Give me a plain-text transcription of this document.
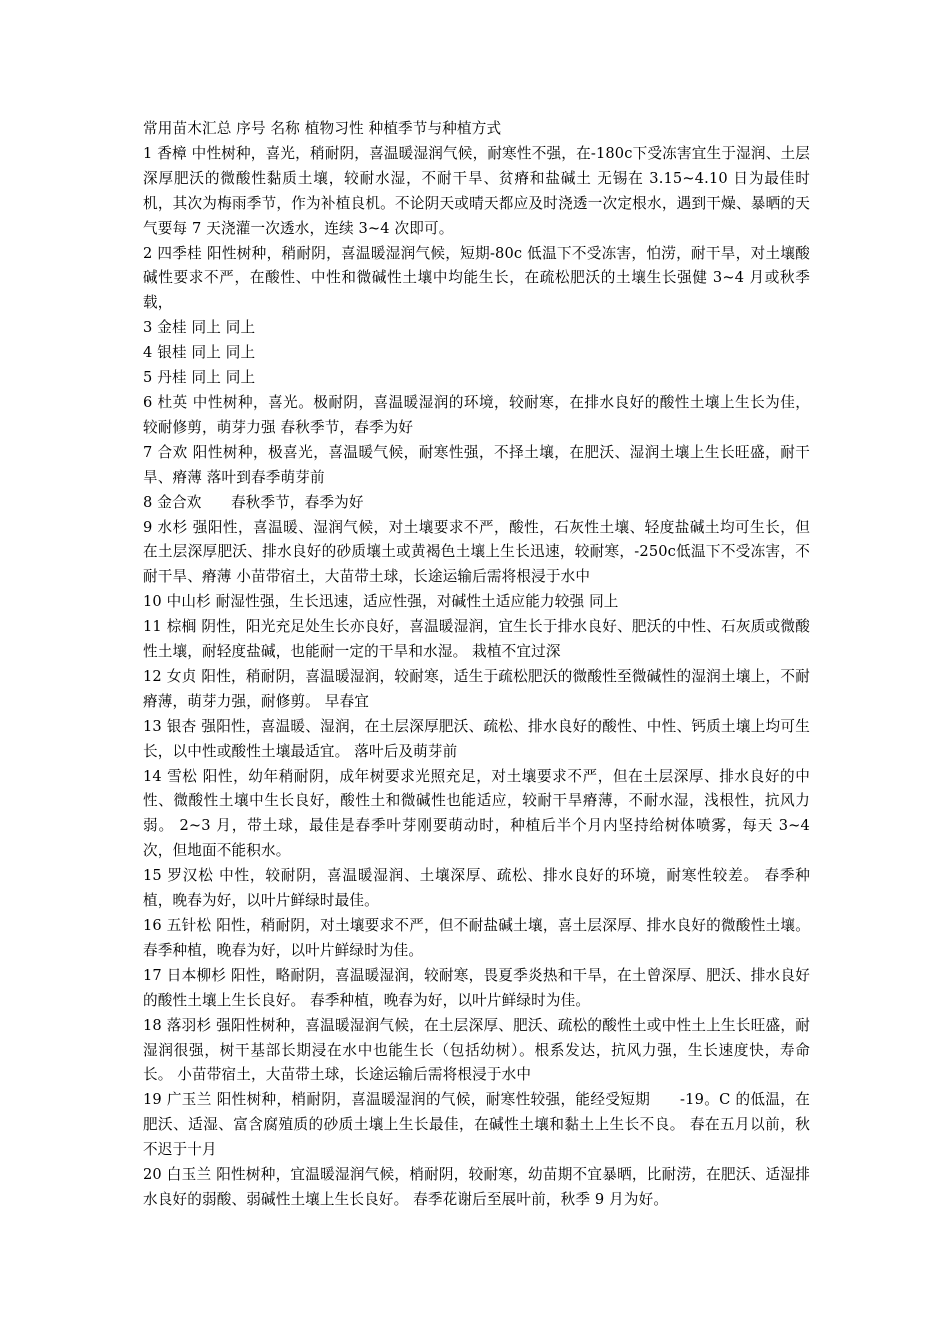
常用苗木汇总 序号 名称 植物习性 种植季节与种植方式

1 香樟 中性树种，喜光，稍耐阴，喜温暖湿润气候，耐寒性不强，在-180c下受冻害宜生于湿润、土层深厚肥沃的微酸性黏质土壤，较耐水湿，不耐干旱、贫瘠和盐碱土 无锡在 3.15~4.10 日为最佳时机，其次为梅雨季节，作为补植良机。不论阴天或晴天都应及时浇透一次定根水，遇到干燥、暴晒的天气要每 7 天浇灌一次透水，连续 3~4 次即可。

2 四季桂 阳性树种，稍耐阴，喜温暖湿润气候，短期-80c 低温下不受冻害，怕涝，耐干旱，对土壤酸碱性要求不严，在酸性、中性和微碱性土壤中均能生长，在疏松肥沃的土壤生长强健 3~4 月或秋季载，

3 金桂 同上 同上

4 银桂 同上 同上

5 丹桂 同上 同上

6 杜英 中性树种，喜光。极耐阴，喜温暖湿润的环境，较耐寒，在排水良好的酸性土壤上生长为佳，较耐修剪，萌芽力强 春秋季节，春季为好

7 合欢 阳性树种，极喜光，喜温暖气候，耐寒性强，不择土壤，在肥沃、湿润土壤上生长旺盛，耐干旱、瘠薄 落叶到春季萌芽前

8 金合欢　　春秋季节，春季为好

9 水杉 强阳性，喜温暖、湿润气候，对土壤要求不严，酸性，石灰性土壤、轻度盐碱土均可生长，但在土层深厚肥沃、排水良好的砂质壤土或黄褐色土壤上生长迅速，较耐寒，-250c低温下不受冻害，不耐干旱、瘠薄 小苗带宿土，大苗带土球，长途运输后需将根浸于水中

10 中山杉 耐湿性强，生长迅速，适应性强，对碱性土适应能力较强 同上

11 棕榈 阴性，阳光充足处生长亦良好，喜温暖湿润，宜生长于排水良好、肥沃的中性、石灰质或微酸性土壤，耐轻度盐碱，也能耐一定的干旱和水湿。 栽植不宜过深

12 女贞 阳性，稍耐阴，喜温暖湿润，较耐寒，适生于疏松肥沃的微酸性至微碱性的湿润土壤上，不耐瘠薄，萌芽力强，耐修剪。 早春宜

13 银杏 强阳性，喜温暖、湿润，在土层深厚肥沃、疏松、排水良好的酸性、中性、钙质土壤上均可生长，以中性或酸性土壤最适宜。 落叶后及萌芽前

14 雪松 阳性，幼年稍耐阴，成年树要求光照充足，对土壤要求不严，但在土层深厚、排水良好的中性、微酸性土壤中生长良好，酸性土和微碱性也能适应，较耐干旱瘠薄，不耐水湿，浅根性，抗风力弱。 2~3 月，带土球，最佳是春季叶芽刚要萌动时，种植后半个月内坚持给树体喷雾，每天 3~4 次，但地面不能积水。

15 罗汉松 中性，较耐阴，喜温暖湿润、土壤深厚、疏松、排水良好的环境，耐寒性较差。 春季种植，晚春为好，以叶片鲜绿时最佳。

16 五针松 阳性，稍耐阴，对土壤要求不严，但不耐盐碱土壤，喜土层深厚、排水良好的微酸性土壤。 春季种植，晚春为好，以叶片鲜绿时为佳。

17 日本柳杉 阳性，略耐阴，喜温暖湿润，较耐寒，畏夏季炎热和干旱，在土曾深厚、肥沃、排水良好的酸性土壤上生长良好。 春季种植，晚春为好，以叶片鲜绿时为佳。

18 落羽杉 强阳性树种，喜温暖湿润气候，在土层深厚、肥沃、疏松的酸性土或中性土上生长旺盛，耐湿润很强，树干基部长期浸在水中也能生长（包括幼树）。根系发达，抗风力强，生长速度快，寿命长。 小苗带宿土，大苗带土球，长途运输后需将根浸于水中

19 广玉兰 阳性树种，梢耐阴，喜温暖湿润的气候，耐寒性较强，能经受短期　　-19。C 的低温，在肥沃、适湿、富含腐殖质的砂质土壤上生长最佳，在碱性土壤和黏土上生长不良。 春在五月以前，秋不迟于十月

20 白玉兰 阳性树种，宜温暖湿润气候，梢耐阴，较耐寒，幼苗期不宜暴晒，比耐涝，在肥沃、适湿排水良好的弱酸、弱碱性土壤上生长良好。 春季花谢后至展叶前，秋季 9 月为好。
